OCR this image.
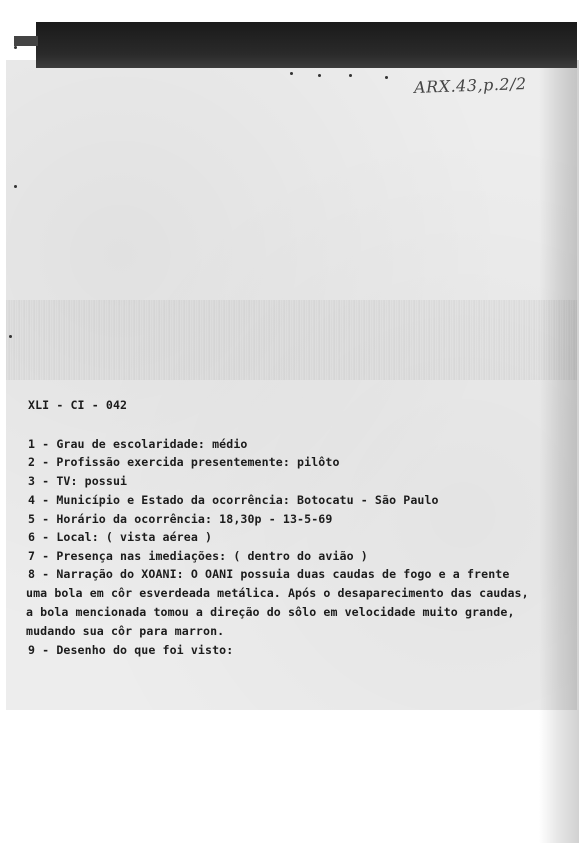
ARX.43,p.2/2
XLI - CI - 042
1 - Grau de escolaridade: médio
2 - Profissão exercida presentemente: pilôto
3 - TV: possui
4 - Município e Estado da ocorrência: Botocatu - São Paulo
5 - Horário da ocorrência: 18,30p - 13-5-69
6 - Local: ( vista aérea )
7 - Presença nas imediações: ( dentro do avião )
8 - Narração do XOANI: O OANI possuia duas caudas de fogo e a frente
uma bola em côr esverdeada metálica. Após o desaparecimento das caudas,
a bola mencionada tomou a direção do sôlo em velocidade muito grande,
mudando sua côr para marron.
9 - Desenho do que foi visto:
